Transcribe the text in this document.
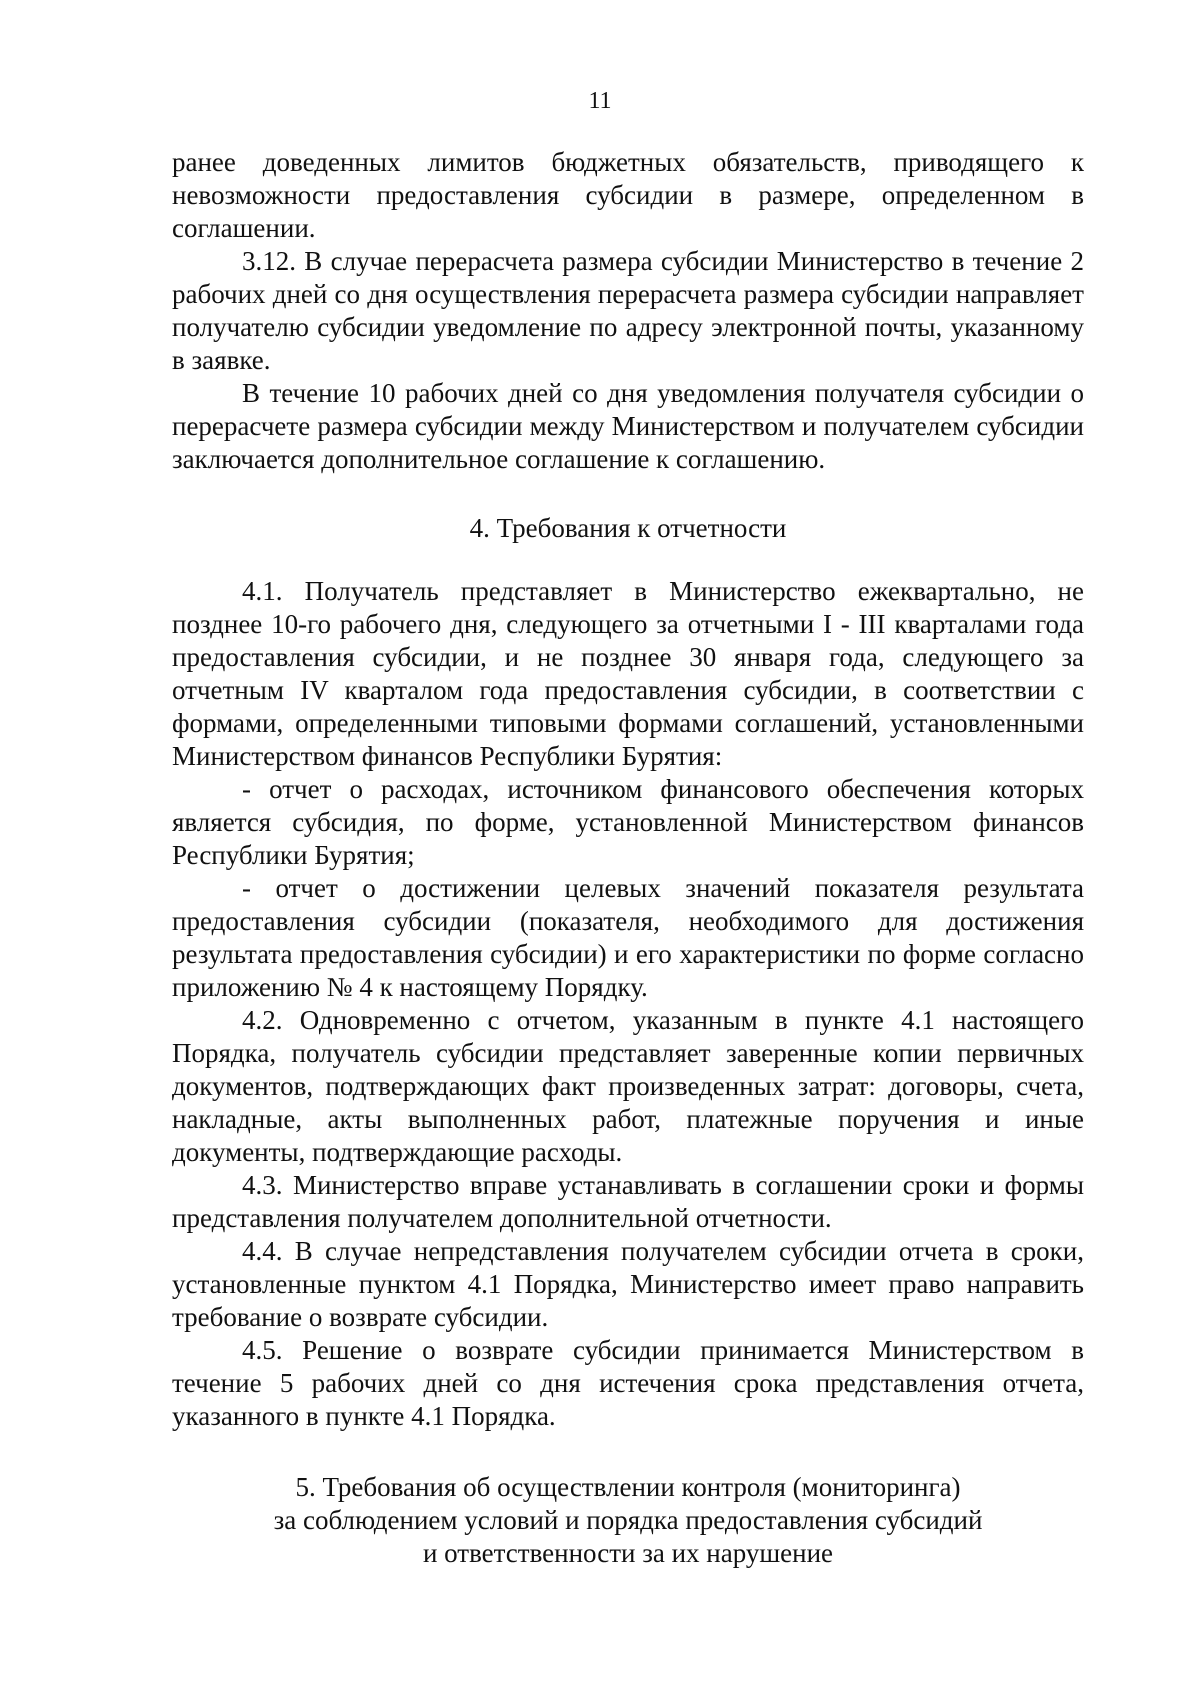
11

ранее доведенных лимитов бюджетных обязательств, приводящего к невозможности предоставления субсидии в размере, определенном в соглашении.

3.12. В случае перерасчета размера субсидии Министерство в течение 2 рабочих дней со дня осуществления перерасчета размера субсидии направляет получателю субсидии уведомление по адресу электронной почты, указанному в заявке.

В течение 10 рабочих дней со дня уведомления получателя субсидии о перерасчете размера субсидии между Министерством и получателем субсидии заключается дополнительное соглашение к соглашению.

4. Требования к отчетности

4.1. Получатель представляет в Министерство ежеквартально, не позднее 10-го рабочего дня, следующего за отчетными I - III кварталами года предоставления субсидии, и не позднее 30 января года, следующего за отчетным IV кварталом года предоставления субсидии, в соответствии с формами, определенными типовыми формами соглашений, установленными Министерством финансов Республики Бурятия:

- отчет о расходах, источником финансового обеспечения которых является субсидия, по форме, установленной Министерством финансов Республики Бурятия;

- отчет о достижении целевых значений показателя результата предоставления субсидии (показателя, необходимого для достижения результата предоставления субсидии) и его характеристики по форме согласно приложению № 4 к настоящему Порядку.

4.2. Одновременно с отчетом, указанным в пункте 4.1 настоящего Порядка, получатель субсидии представляет заверенные копии первичных документов, подтверждающих факт произведенных затрат: договоры, счета, накладные, акты выполненных работ, платежные поручения и иные документы, подтверждающие расходы.

4.3. Министерство вправе устанавливать в соглашении сроки и формы представления получателем дополнительной отчетности.

4.4. В случае непредставления получателем субсидии отчета в сроки, установленные пунктом 4.1 Порядка, Министерство имеет право направить требование о возврате субсидии.

4.5. Решение о возврате субсидии принимается Министерством в течение 5 рабочих дней со дня истечения срока представления отчета, указанного в пункте 4.1 Порядка.

5. Требования об осуществлении контроля (мониторинга)
за соблюдением условий и порядка предоставления субсидий
и ответственности за их нарушение
